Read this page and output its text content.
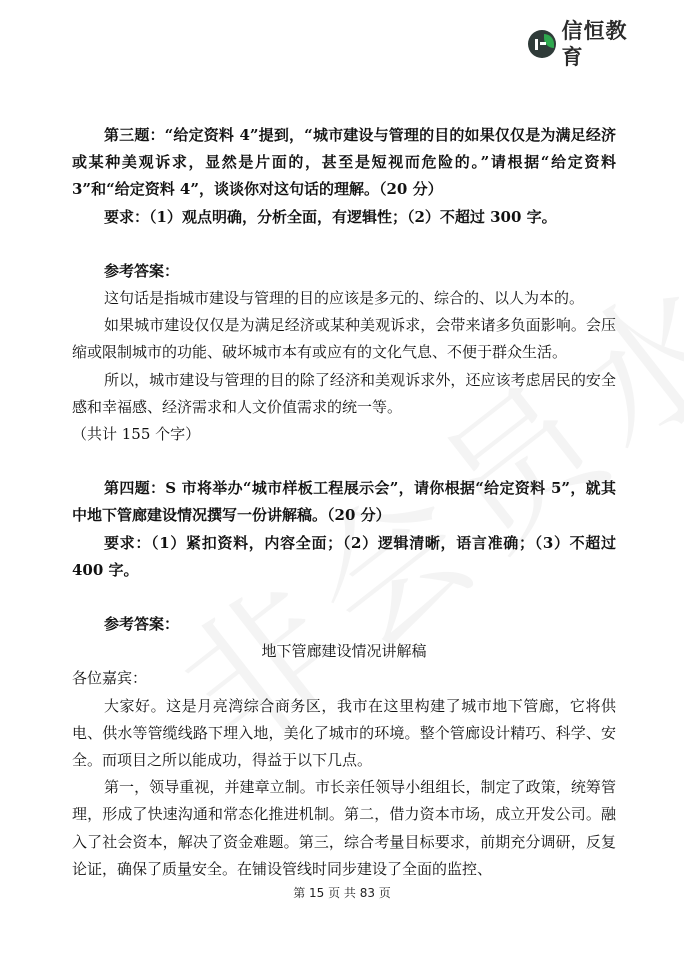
信恒教育

第三题：“给定资料 4”提到，“城市建设与管理的目的如果仅仅是为满足经济或某种美观诉求，显然是片面的，甚至是短视而危险的。”请根据“给定资料 3”和“给定资料 4”，谈谈你对这句话的理解。（20 分）

要求：（1）观点明确，分析全面，有逻辑性；（2）不超过 300 字。

参考答案：

这句话是指城市建设与管理的目的应该是多元的、综合的、以人为本的。

如果城市建设仅仅是为满足经济或某种美观诉求，会带来诸多负面影响。会压缩或限制城市的功能、破坏城市本有或应有的文化气息、不便于群众生活。

所以，城市建设与管理的目的除了经济和美观诉求外，还应该考虑居民的安全感和幸福感、经济需求和人文价值需求的统一等。

（共计 155 个字）

第四题：S 市将举办“城市样板工程展示会”，请你根据“给定资料 5”，就其中地下管廊建设情况撰写一份讲解稿。（20 分）

要求：（1）紧扣资料，内容全面；（2）逻辑清晰，语言准确；（3）不超过 400 字。

参考答案：

地下管廊建设情况讲解稿

各位嘉宾：

大家好。这是月亮湾综合商务区，我市在这里构建了城市地下管廊，它将供电、供水等管缆线路下埋入地，美化了城市的环境。整个管廊设计精巧、科学、安全。而项目之所以能成功，得益于以下几点。

第一，领导重视，并建章立制。市长亲任领导小组组长，制定了政策，统筹管理，形成了快速沟通和常态化推进机制。第二，借力资本市场，成立开发公司。融入了社会资本，解决了资金难题。第三，综合考量目标要求，前期充分调研，反复论证，确保了质量安全。在铺设管线时同步建设了全面的监控、

第 15 页 共 83 页
